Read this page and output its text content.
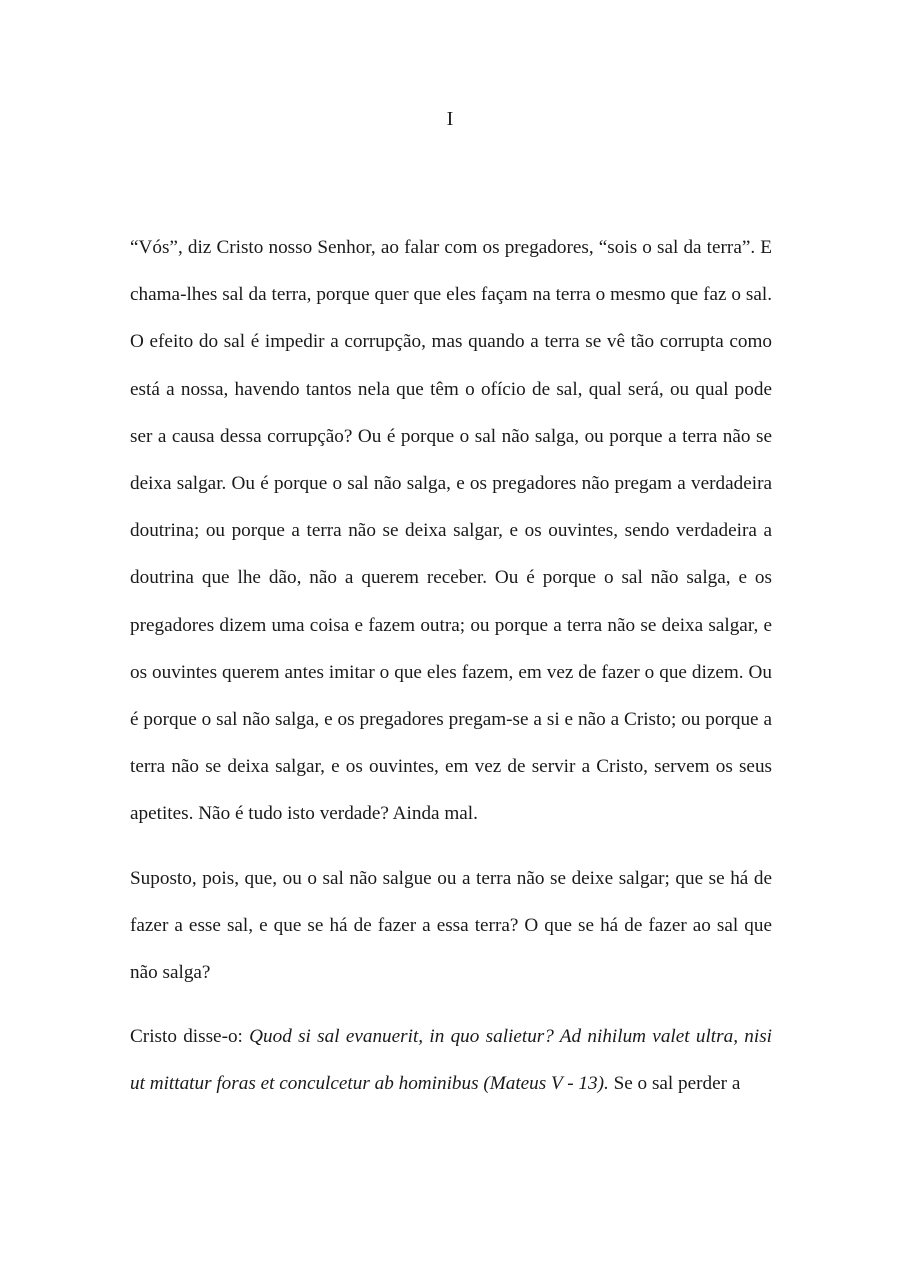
I

“Vós”, diz Cristo nosso Senhor, ao falar com os pregadores, “sois o sal da terra”. E chama-lhes sal da terra, porque quer que eles façam na terra o mesmo que faz o sal. O efeito do sal é impedir a corrupção, mas quando a terra se vê tão corrupta como está a nossa, havendo tantos nela que têm o ofício de sal, qual será, ou qual pode ser a causa dessa corrupção? Ou é porque o sal não salga, ou porque a terra não se deixa salgar. Ou é porque o sal não salga, e os pregadores não pregam a verdadeira doutrina; ou porque a terra não se deixa salgar, e os ouvintes, sendo verdadeira a doutrina que lhe dão, não a querem receber. Ou é porque o sal não salga, e os pregadores dizem uma coisa e fazem outra; ou porque a terra não se deixa salgar, e os ouvintes querem antes imitar o que eles fazem, em vez de fazer o que dizem. Ou é porque o sal não salga, e os pregadores pregam-se a si e não a Cristo; ou porque a terra não se deixa salgar, e os ouvintes, em vez de servir a Cristo, servem os seus apetites. Não é tudo isto verdade? Ainda mal.

Suposto, pois, que, ou o sal não salgue ou a terra não se deixe salgar; que se há de fazer a esse sal, e que se há de fazer a essa terra? O que se há de fazer ao sal que não salga?

Cristo disse-o: Quod si sal evanuerit, in quo salietur? Ad nihilum valet ultra, nisi ut mittatur foras et conculcetur ab hominibus (Mateus V - 13). Se o sal perder a
